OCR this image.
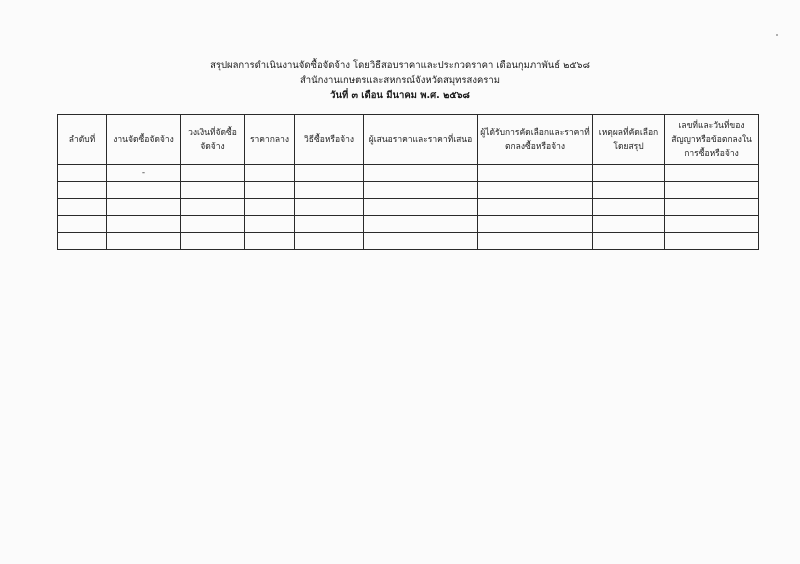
สรุปผลการดำเนินงานจัดซื้อจัดจ้าง โดยวิธีสอบราคาและประกวดราคา เดือนกุมภาพันธ์ ๒๕๖๘
สำนักงานเกษตรและสหกรณ์จังหวัดสมุทรสงคราม
วันที่ ๓ เดือน มีนาคม พ.ศ. ๒๕๖๘
ลำดับที่	งานจัดซื้อจัดจ้าง	วงเงินที่จัดซื้อจัดจ้าง	ราคากลาง	วิธีซื้อหรือจ้าง	ผู้เสนอราคาและราคาที่เสนอ	ผู้ได้รับการคัดเลือกและราคาที่ตกลงซื้อหรือจ้าง	เหตุผลที่คัดเลือกโดยสรุป	เลขที่และวันที่ของสัญญาหรือข้อตกลงในการซื้อหรือจ้าง
	-							
